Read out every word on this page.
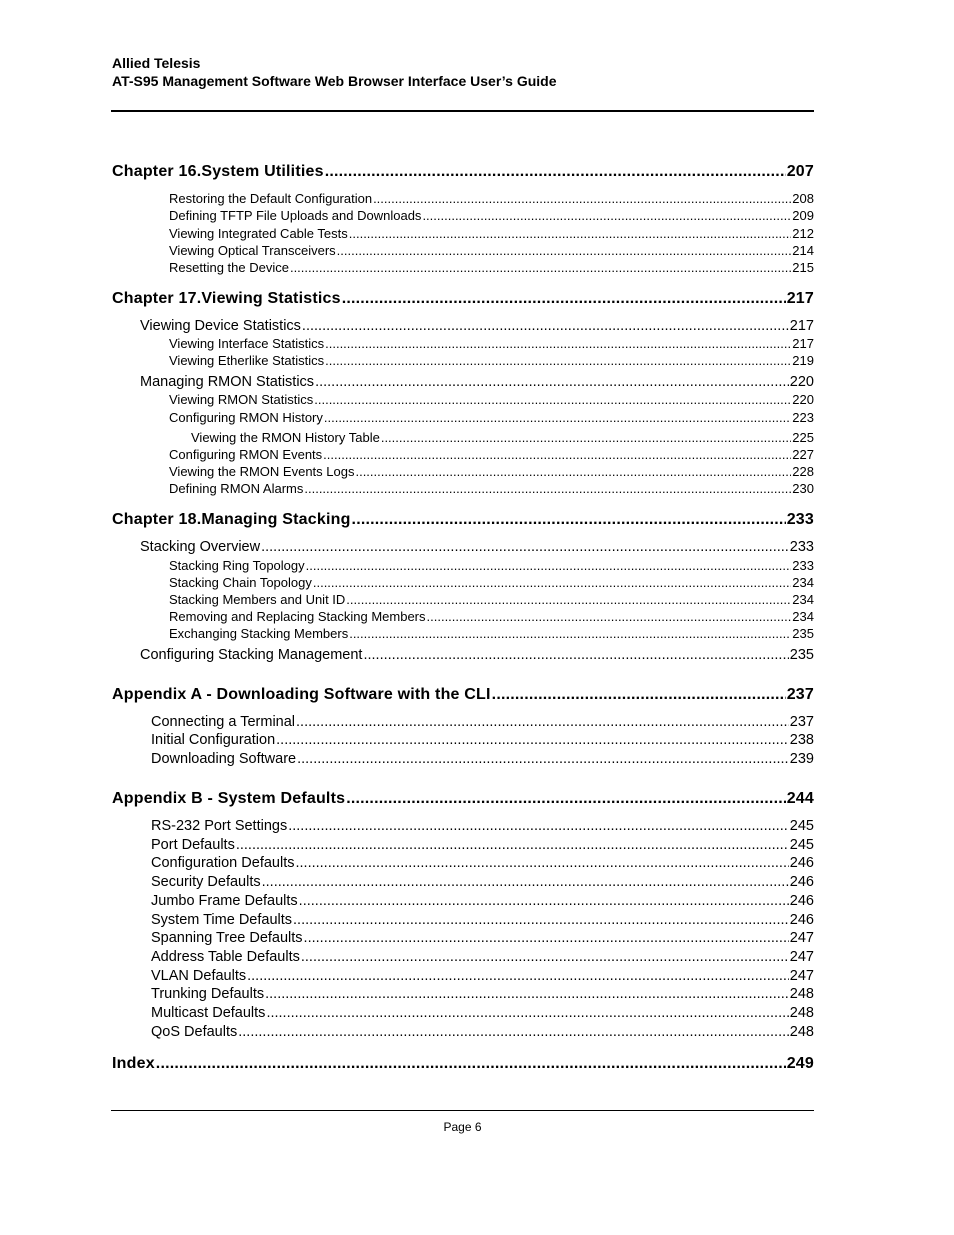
Allied Telesis
AT-S95 Management Software Web Browser Interface User’s Guide
Chapter 16.System Utilities .....	207
Restoring the Default Configuration .....	208
Defining TFTP File Uploads and Downloads .....	209
Viewing Integrated Cable Tests .....	212
Viewing Optical Transceivers .....	214
Resetting the Device .....	215
Chapter 17.Viewing Statistics .....	217
Viewing Device Statistics .....	217
Viewing Interface Statistics .....	217
Viewing Etherlike Statistics .....	219
Managing RMON Statistics .....	220
Viewing RMON Statistics .....	220
Configuring RMON History .....	223
Viewing the RMON History Table .....	225
Configuring RMON Events .....	227
Viewing the RMON Events Logs .....	228
Defining RMON Alarms .....	230
Chapter 18.Managing Stacking .....	233
Stacking Overview .....	233
Stacking Ring Topology .....	233
Stacking Chain Topology .....	234
Stacking Members and Unit ID .....	234
Removing and Replacing Stacking Members .....	234
Exchanging Stacking Members .....	235
Configuring Stacking Management .....	235
Appendix A - Downloading Software with the CLI .....	237
Connecting a Terminal .....	237
Initial Configuration .....	238
Downloading Software .....	239
Appendix B - System Defaults .....	244
RS-232 Port Settings .....	245
Port Defaults .....	245
Configuration Defaults .....	246
Security Defaults .....	246
Jumbo Frame Defaults .....	246
System Time Defaults .....	246
Spanning Tree Defaults .....	247
Address Table Defaults .....	247
VLAN Defaults .....	247
Trunking Defaults .....	248
Multicast Defaults .....	248
QoS Defaults .....	248
Index .....	249
Page 6
